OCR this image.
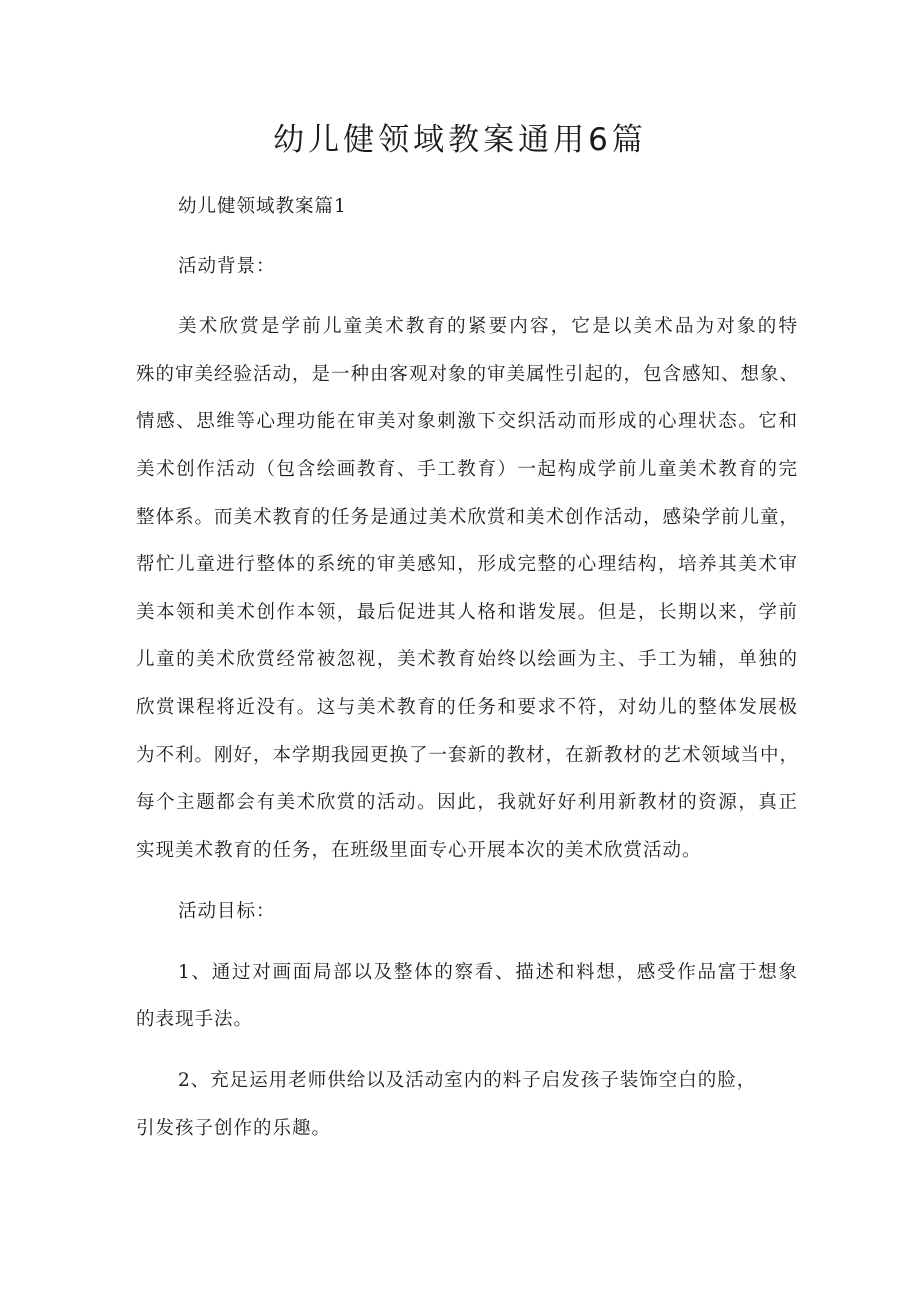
幼儿健领域教案通用6篇

幼儿健领域教案篇1

活动背景：

美术欣赏是学前儿童美术教育的紧要内容，它是以美术品为对象的特

殊的审美经验活动，是一种由客观对象的审美属性引起的，包含感知、想象、

情感、思维等心理功能在审美对象刺激下交织活动而形成的心理状态。它和

美术创作活动（包含绘画教育、手工教育）一起构成学前儿童美术教育的完

整体系。而美术教育的任务是通过美术欣赏和美术创作活动，感染学前儿童，

帮忙儿童进行整体的系统的审美感知，形成完整的心理结构，培养其美术审

美本领和美术创作本领，最后促进其人格和谐发展。但是，长期以来，学前

儿童的美术欣赏经常被忽视，美术教育始终以绘画为主、手工为辅，单独的

欣赏课程将近没有。这与美术教育的任务和要求不符，对幼儿的整体发展极

为不利。刚好，本学期我园更换了一套新的教材，在新教材的艺术领域当中，

每个主题都会有美术欣赏的活动。因此，我就好好利用新教材的资源，真正

实现美术教育的任务，在班级里面专心开展本次的美术欣赏活动。

活动目标：

1、通过对画面局部以及整体的察看、描述和料想，感受作品富于想象

的表现手法。

2、充足运用老师供给以及活动室内的料子启发孩子装饰空白的脸，

引发孩子创作的乐趣。
